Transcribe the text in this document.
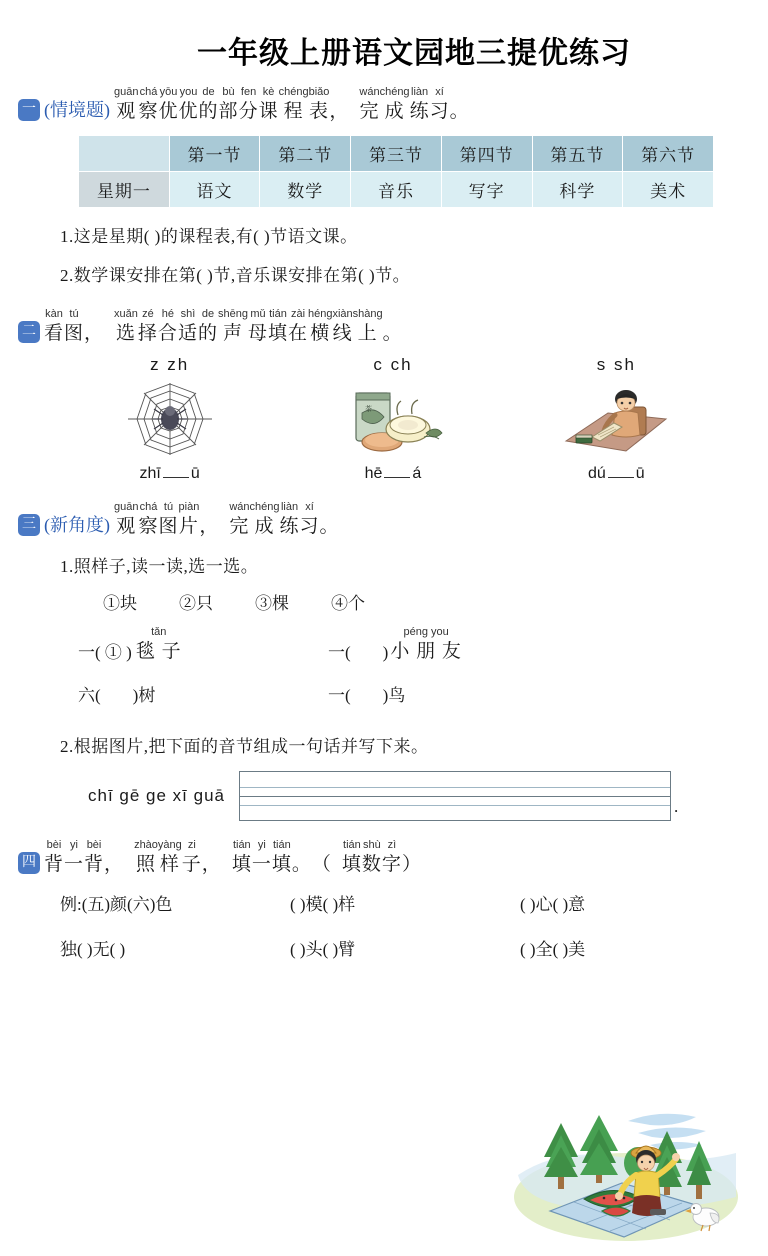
一年级上册语文园地三提优练习
一 (情境题)
guān
观
chá
察
yōu
优
you
优
de
的
bù
部
fen
分
kè
课
chéng
程
biǎo
表 ，
wán
完
chéng
成
liàn
练
xí
习 。
	第一节	第二节	第三节	第四节	第五节	第六节
星期一	语文	数学	音乐	写字	科学	美术
1.这是星期( )的课程表,有( )节语文课。
2.数学课安排在第( )节,音乐课安排在第( )节。
二
kàn
看
tú
图 ，
xuǎn
选
zé
择
hé
合
shì
适
de
的
shēng
声
mǔ
母
tián
填
zài
在
héng
横
xiàn
线
shàng
上 。
z zh
zhī ū
c ch
茶
hē á
s sh
dú ū
三 (新角度)
guān
观
chá
察
tú
图
piàn
片 ，
wán
完
chéng
成
liàn
练
xí
习 。
1.照样子,读一读,选一选。
①块 ②只 ③棵 ④个
一 ( ① )
tǎn
毯 子	一 ( )
péng you
小 朋 友
六 ( ) 树	一 ( ) 鸟
2.根据图片,把下面的音节组成一句话并写下来。
chī gē ge xī guā
.
四
bèi
背
yi
一
bèi
背 ，
zhào
照
yàng
样
zi
子 ，
tián
填
yi
一
tián
填 。 （
tián
填
shù
数
zì
字 ）
例:(五)颜(六)色	( )模( )样	( )心( )意
独( )无( )	( )头( )臂	( )全( )美
